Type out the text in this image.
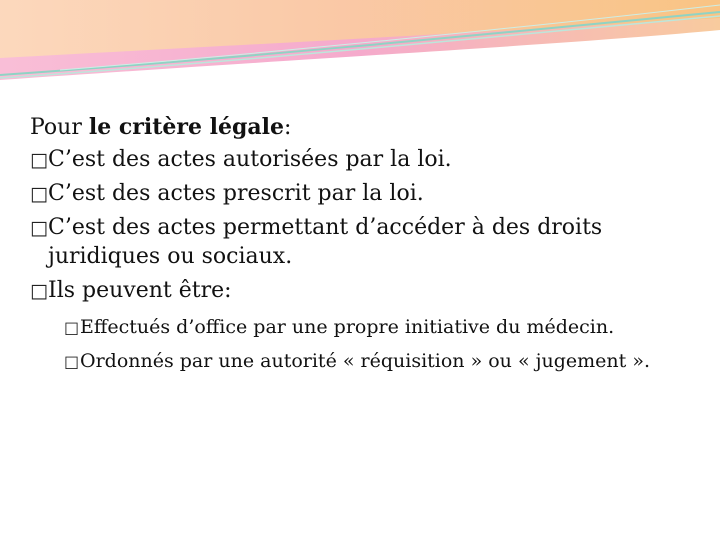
Pour le critère légale:
□C’est des actes autorisées par la loi.
□C’est des actes prescrit par la loi.
□C’est des actes permettant d’accéder à des droits
juridiques ou sociaux.
□Ils peuvent être:
□Effectués d’office par une propre initiative du médecin.
□Ordonnés par une autorité « réquisition » ou « jugement ».
